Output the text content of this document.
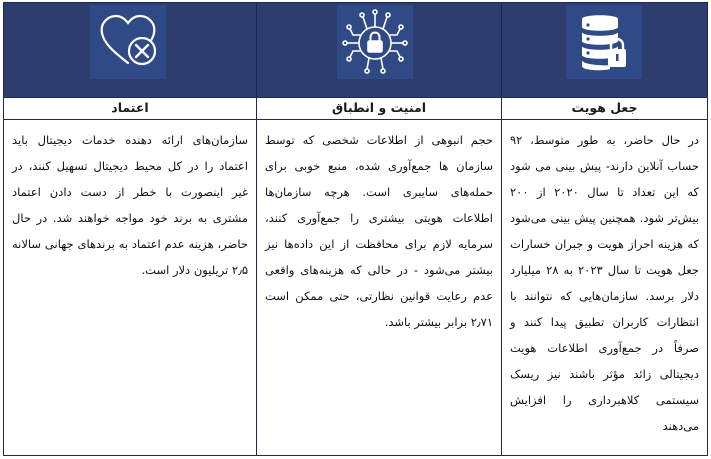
اعتماد
سازمان‌های ارائه دهنده خدمات دیجیتال باید اعتماد را در کل محیط دیجیتال تسهیل کنند، در غیر اینصورت با خطر از دست دادن اعتماد مشتری به برند خود مواجه خواهند شد. در حال حاضر، هزینه عدم اعتماد به برندهای جهانی سالانه ۲٫۵ تریلیون دلار است.
امنیت و انطباق
حجم انبوهی از اطلاعات شخصی که توسط سازمان ها جمع‌آوری شده، منبع خوبی برای حمله‌های سایبری است. هرچه سازمان‌ها اطلاعات هویتی بیشتری را جمع‌آوری کنند، سرمایه لازم برای محافظت از این داده‌ها نیز بیشتر می‌شود - در حالی که هزینه‌های واقعی عدم رعایت قوانین نظارتی، حتی ممکن است ۲٫۷۱ برابر بیشتر باشد.
جعل هویت
در حال حاضر، به طور متوسط، ۹۲ حساب آنلاین دارند- پیش بینی می شود که این تعداد تا سال ۲۰۲۰ از ۲۰۰ بیش‌تر شود. همچنین پیش بینی می‌شود که هزینه احراز هویت و جبران خسارات جعل هویت تا سال ۲۰۲۳ به ۲۸ میلیارد دلار برسد. سازمان‌هایی که نتوانند با انتظارات کاربران تطبیق پیدا کنند و صرفاً در جمع‌آوری اطلاعات هویت دیجیتالی زائد مؤثر باشند نیز ریسک سیستمی کلاهبرداری را افزایش می‌دهند
